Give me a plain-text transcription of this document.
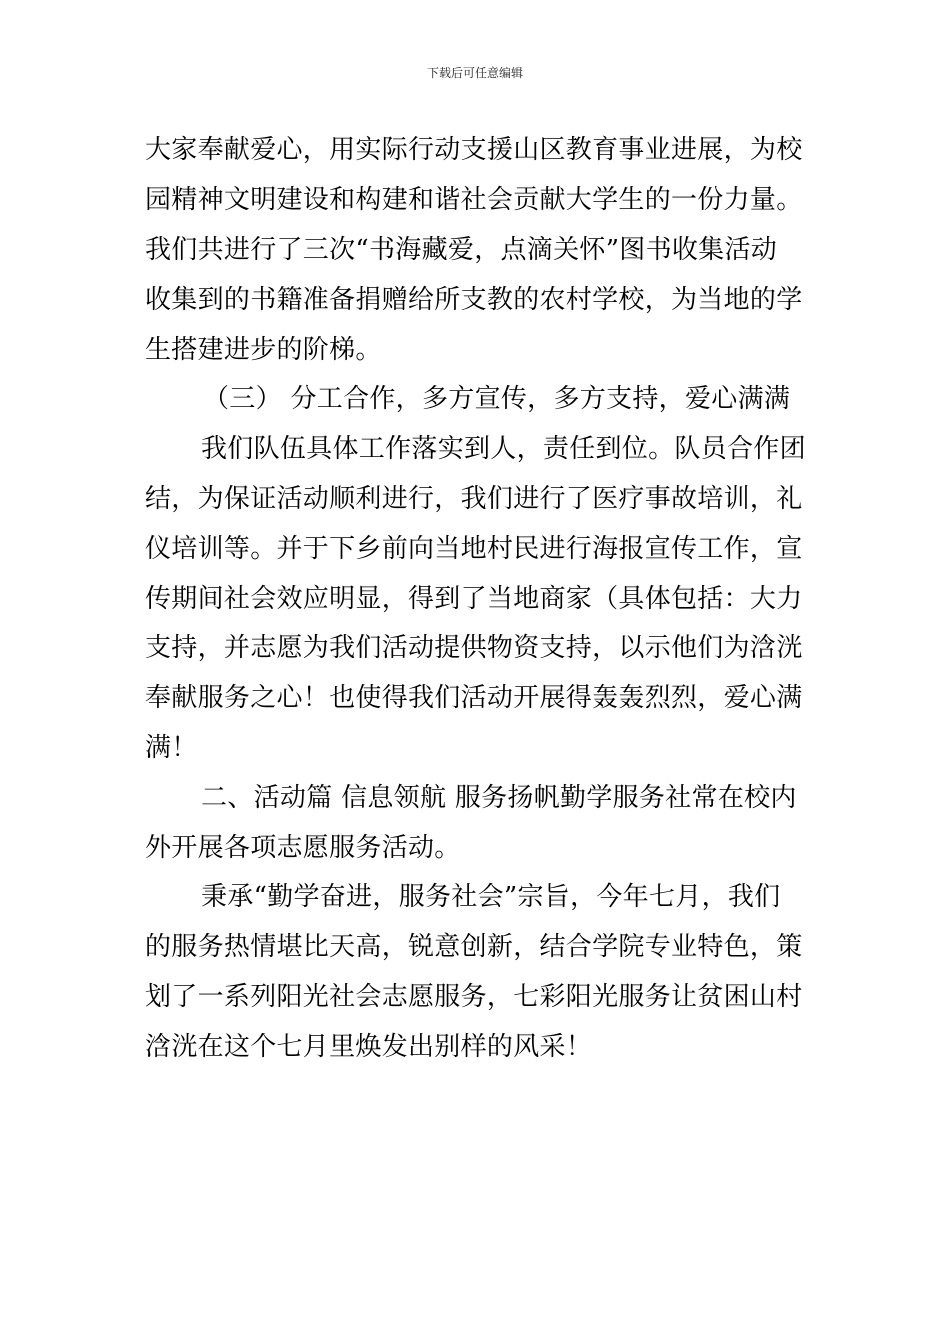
下载后可任意编辑
大家奉献爱心，用实际行动支援山区教育事业进展，为校
园精神文明建设和构建和谐社会贡献大学生的一份力量。
我们共进行了三次“书海藏爱，点滴关怀”图书收集活动
收集到的书籍准备捐赠给所支教的农村学校，为当地的学
生搭建进步的阶梯。
（三） 分工合作，多方宣传，多方支持，爱心满满
我们队伍具体工作落实到人，责任到位。队员合作团
结，为保证活动顺利进行，我们进行了医疗事故培训，礼
仪培训等。并于下乡前向当地村民进行海报宣传工作，宣
传期间社会效应明显，得到了当地商家（具体包括：大力
支持，并志愿为我们活动提供物资支持，以示他们为浛洸
奉献服务之心！也使得我们活动开展得轰轰烈烈，爱心满
满！
二、活动篇 信息领航 服务扬帆勤学服务社常在校内
外开展各项志愿服务活动。
秉承“勤学奋进，服务社会”宗旨，今年七月，我们
的服务热情堪比天高，锐意创新，结合学院专业特色，策
划了一系列阳光社会志愿服务，七彩阳光服务让贫困山村
浛洸在这个七月里焕发出别样的风采！
